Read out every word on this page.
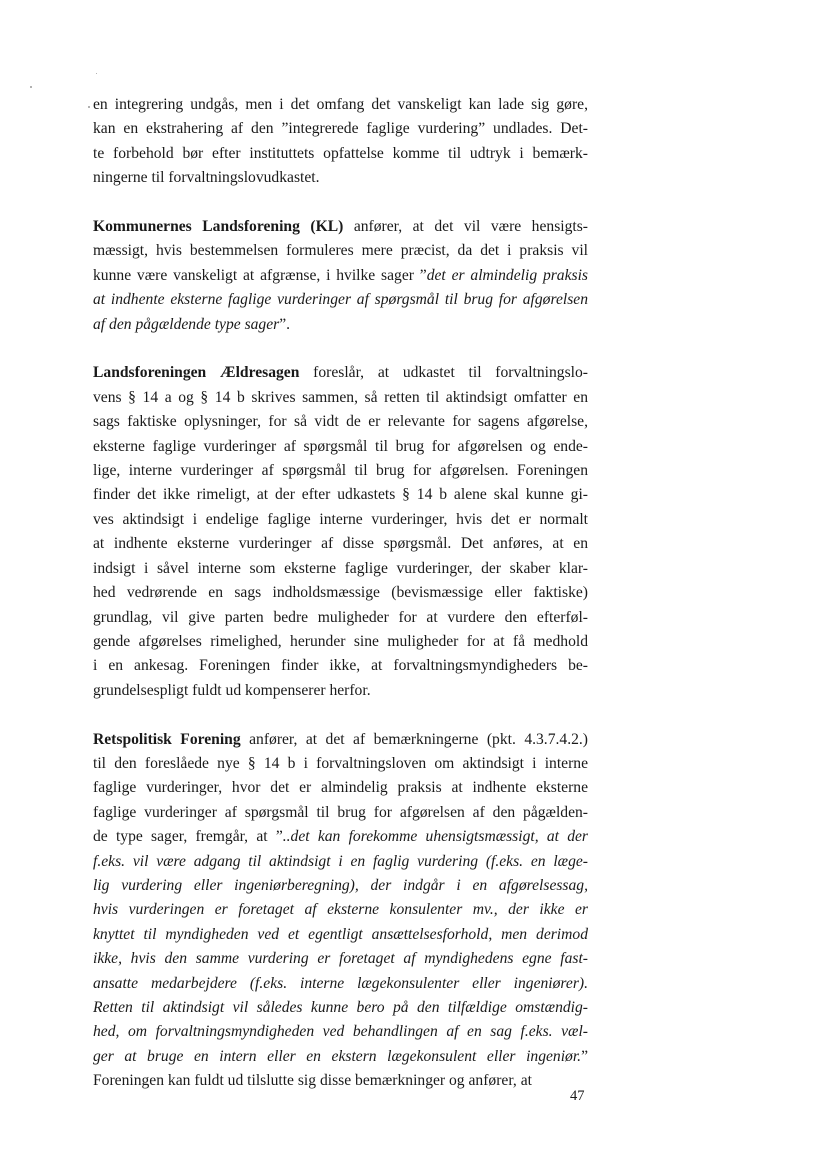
en integrering undgås, men i det omfang det vanskeligt kan lade sig gøre,
kan en ekstrahering af den ”integrerede faglige vurdering” undlades. Det-
te forbehold bør efter instituttets opfattelse komme til udtryk i bemærk-
ningerne til forvaltningslovudkastet.
Kommunernes Landsforening (KL) anfører, at det vil være hensigts-
mæssigt, hvis bestemmelsen formuleres mere præcist, da det i praksis vil
kunne være vanskeligt at afgrænse, i hvilke sager ”det er almindelig praksis
at indhente eksterne faglige vurderinger af spørgsmål til brug for afgørelsen
af den pågældende type sager”.
Landsforeningen Ældresagen foreslår, at udkastet til forvaltningslo-
vens § 14 a og § 14 b skrives sammen, så retten til aktindsigt omfatter en
sags faktiske oplysninger, for så vidt de er relevante for sagens afgørelse,
eksterne faglige vurderinger af spørgsmål til brug for afgørelsen og ende-
lige, interne vurderinger af spørgsmål til brug for afgørelsen. Foreningen
finder det ikke rimeligt, at der efter udkastets § 14 b alene skal kunne gi-
ves aktindsigt i endelige faglige interne vurderinger, hvis det er normalt
at indhente eksterne vurderinger af disse spørgsmål. Det anføres, at en
indsigt i såvel interne som eksterne faglige vurderinger, der skaber klar-
hed vedrørende en sags indholdsmæssige (bevismæssige eller faktiske)
grundlag, vil give parten bedre muligheder for at vurdere den efterføl-
gende afgørelses rimelighed, herunder sine muligheder for at få medhold
i en ankesag. Foreningen finder ikke, at forvaltningsmyndigheders be-
grundelsespligt fuldt ud kompenserer herfor.
Retspolitisk Forening anfører, at det af bemærkningerne (pkt. 4.3.7.4.2.)
til den foreslåede nye § 14 b i forvaltningsloven om aktindsigt i interne
faglige vurderinger, hvor det er almindelig praksis at indhente eksterne
faglige vurderinger af spørgsmål til brug for afgørelsen af den pågælden-
de type sager, fremgår, at ”..det kan forekomme uhensigtsmæssigt, at der
f.eks. vil være adgang til aktindsigt i en faglig vurdering (f.eks. en læge-
lig vurdering eller ingeniørberegning), der indgår i en afgørelsessag,
hvis vurderingen er foretaget af eksterne konsulenter mv., der ikke er
knyttet til myndigheden ved et egentligt ansættelsesforhold, men derimod
ikke, hvis den samme vurdering er foretaget af myndighedens egne fast-
ansatte medarbejdere (f.eks. interne lægekonsulenter eller ingeniører).
Retten til aktindsigt vil således kunne bero på den tilfældige omstændig-
hed, om forvaltningsmyndigheden ved behandlingen af en sag f.eks. væl-
ger at bruge en intern eller en ekstern lægekonsulent eller ingeniør.”
Foreningen kan fuldt ud tilslutte sig disse bemærkninger og anfører, at
47
